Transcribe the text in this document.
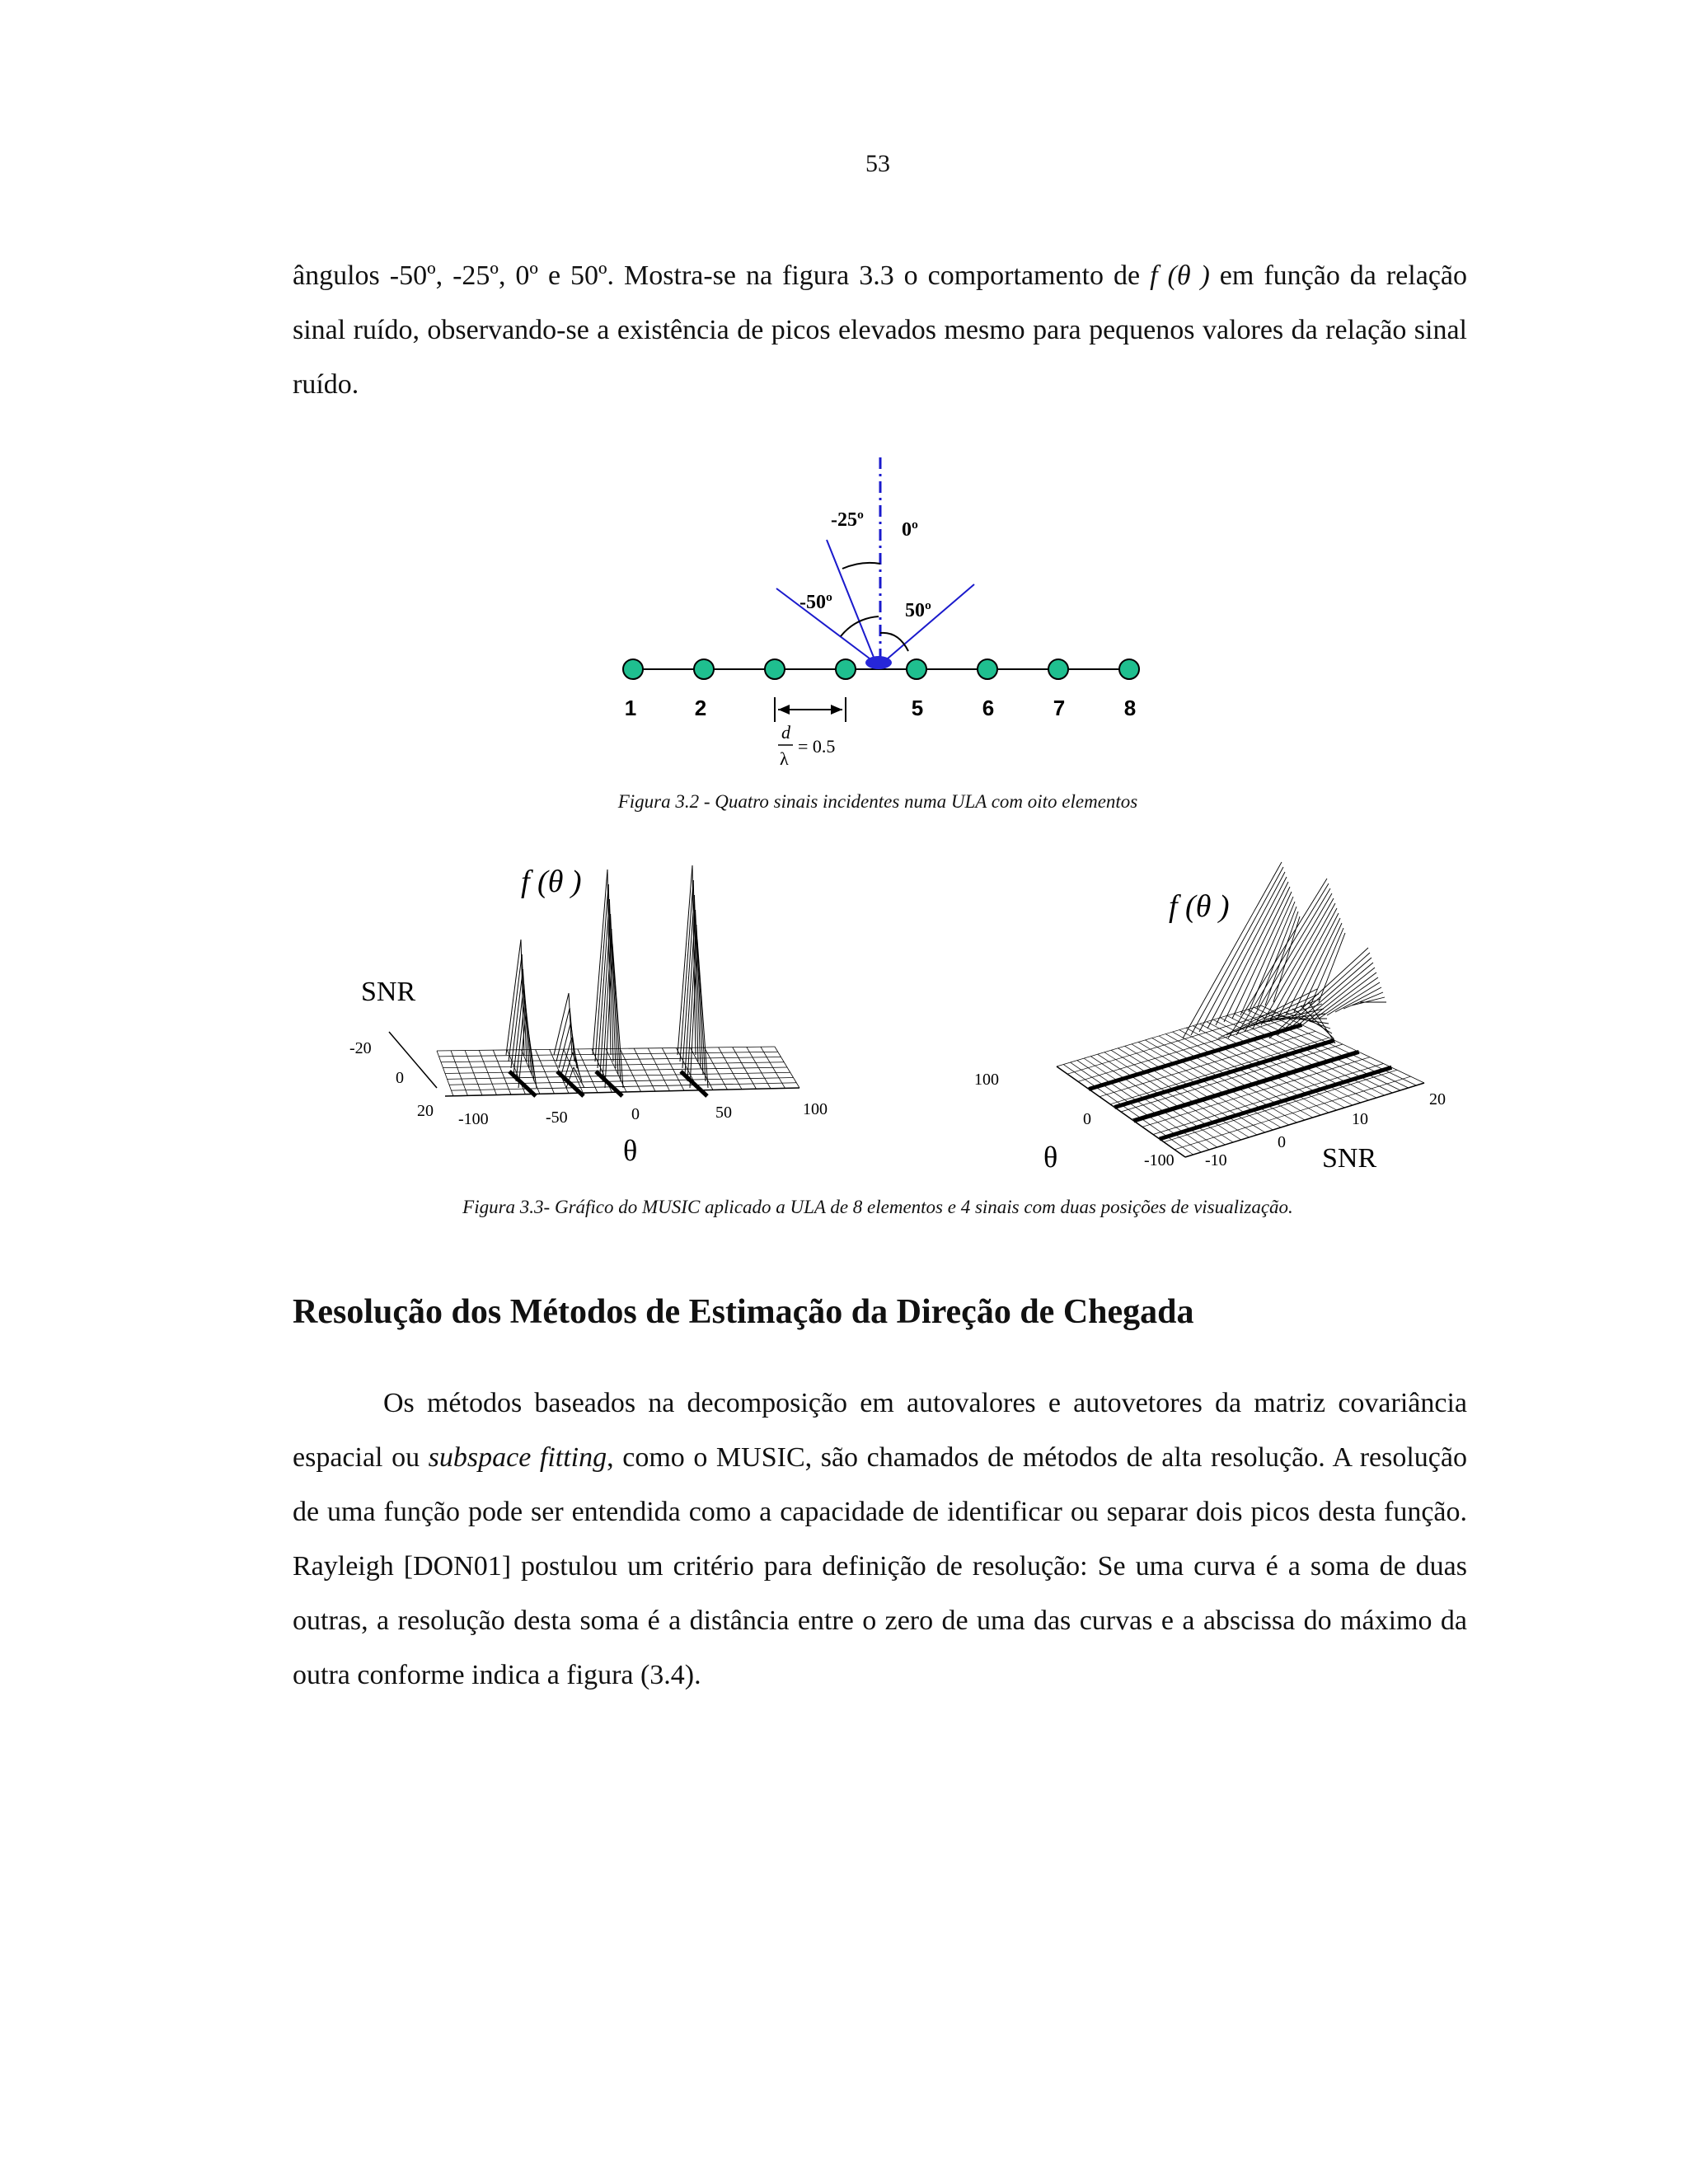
53

ângulos -50º, -25º, 0º e 50º. Mostra-se na figura 3.3 o comportamento de f (θ ) em função da relação sinal ruído, observando-se a existência de picos elevados mesmo para pequenos valores da relação sinal ruído.

1	2	5	6	7	8
-25º 0º
-50º	50º
d
λ
= 0.5

Figura 3.2 - Quatro sinais incidentes numa ULA com oito elementos

f (θ )
SNR
θ
-20
0
20 -100	-50	0	50	100
f (θ )
SNR
θ
100
0
-100 -10
0
10
20

Figura 3.3- Gráfico do MUSIC aplicado a ULA de 8 elementos e 4 sinais com duas posições de visualização.

Resolução dos Métodos de Estimação da Direção de Chegada

Os métodos baseados na decomposição em autovalores e autovetores da matriz covariância espacial ou subspace fitting, como o MUSIC, são chamados de métodos de alta resolução. A resolução de uma função pode ser entendida como a capacidade de identificar ou separar dois picos desta função. Rayleigh [DON01] postulou um critério para definição de resolução: Se uma curva é a soma de duas outras, a resolução desta soma é a distância entre o zero de uma das curvas e a abscissa do máximo da outra conforme indica a figura (3.4).
